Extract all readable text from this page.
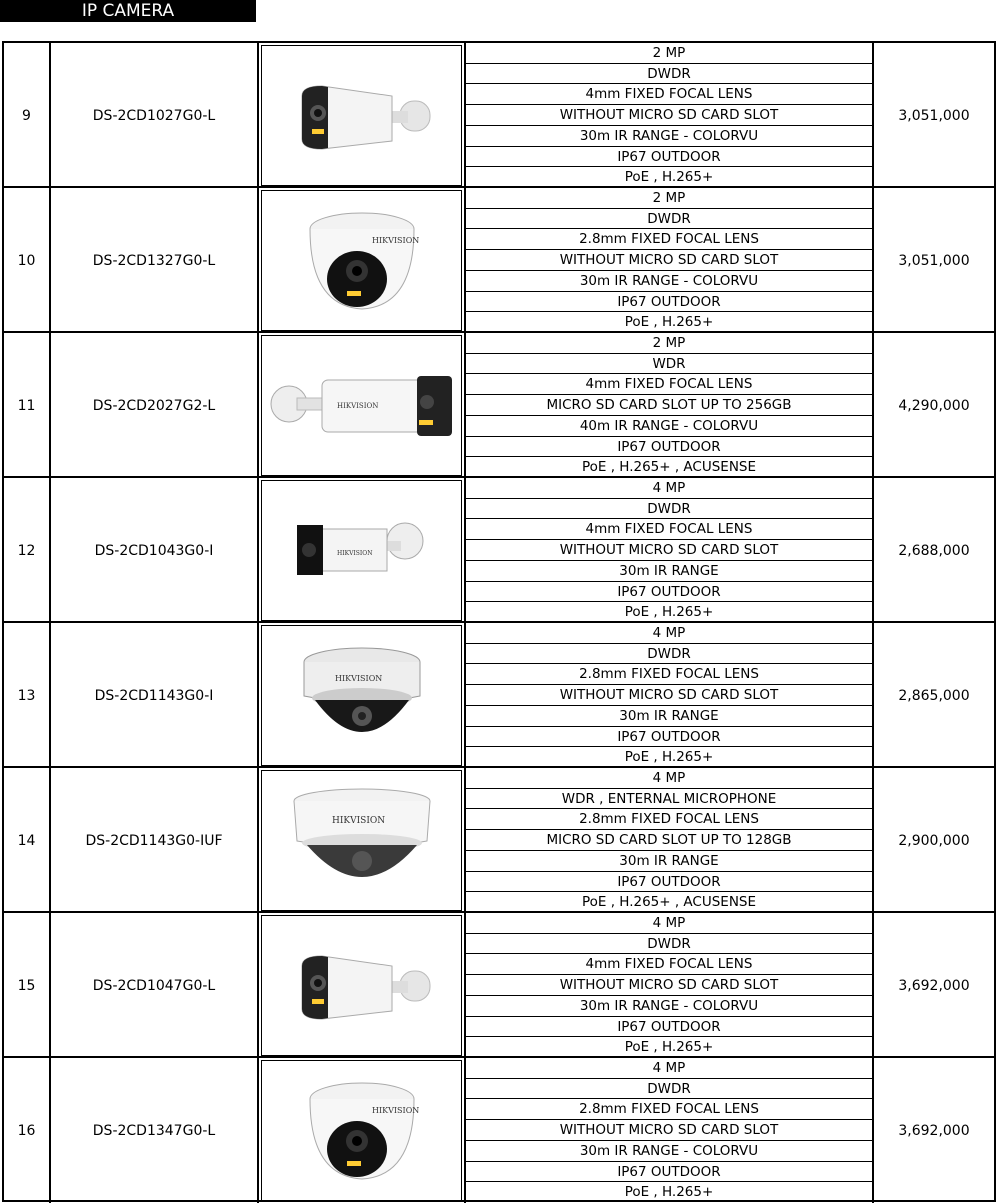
IP CAMERA
9	DS-2CD1027G0-L
2 MP
DWDR
4mm FIXED FOCAL LENS
WITHOUT MICRO SD CARD SLOT
30m IR RANGE - COLORVU
IP67 OUTDOOR
PoE , H.265+
3,051,000
10	DS-2CD1327G0-L
HIKVISION
2 MP
DWDR
2.8mm FIXED FOCAL LENS
WITHOUT MICRO SD CARD SLOT
30m IR RANGE - COLORVU
IP67 OUTDOOR
PoE , H.265+
3,051,000
11	DS-2CD2027G2-L	HIKVISION
2 MP
WDR
4mm FIXED FOCAL LENS
MICRO SD CARD SLOT UP TO 256GB
40m IR RANGE - COLORVU
IP67 OUTDOOR
PoE , H.265+ , ACUSENSE
4,290,000
12	DS-2CD1043G0-I	HIKVISION
4 MP
DWDR
4mm FIXED FOCAL LENS
WITHOUT MICRO SD CARD SLOT
30m IR RANGE
IP67 OUTDOOR
PoE , H.265+
2,688,000
13	DS-2CD1143G0-I
HIKVISION
4 MP
DWDR
2.8mm FIXED FOCAL LENS
WITHOUT MICRO SD CARD SLOT
30m IR RANGE
IP67 OUTDOOR
PoE , H.265+
2,865,000
14	DS-2CD1143G0-IUF
HIKVISION
4 MP
WDR , ENTERNAL MICROPHONE
2.8mm FIXED FOCAL LENS
MICRO SD CARD SLOT UP TO 128GB
30m IR RANGE
IP67 OUTDOOR
PoE , H.265+ , ACUSENSE
2,900,000
15	DS-2CD1047G0-L
4 MP
DWDR
4mm FIXED FOCAL LENS
WITHOUT MICRO SD CARD SLOT
30m IR RANGE - COLORVU
IP67 OUTDOOR
PoE , H.265+
3,692,000
16	DS-2CD1347G0-L
HIKVISION
4 MP
DWDR
2.8mm FIXED FOCAL LENS
WITHOUT MICRO SD CARD SLOT
30m IR RANGE - COLORVU
IP67 OUTDOOR
PoE , H.265+
3,692,000
